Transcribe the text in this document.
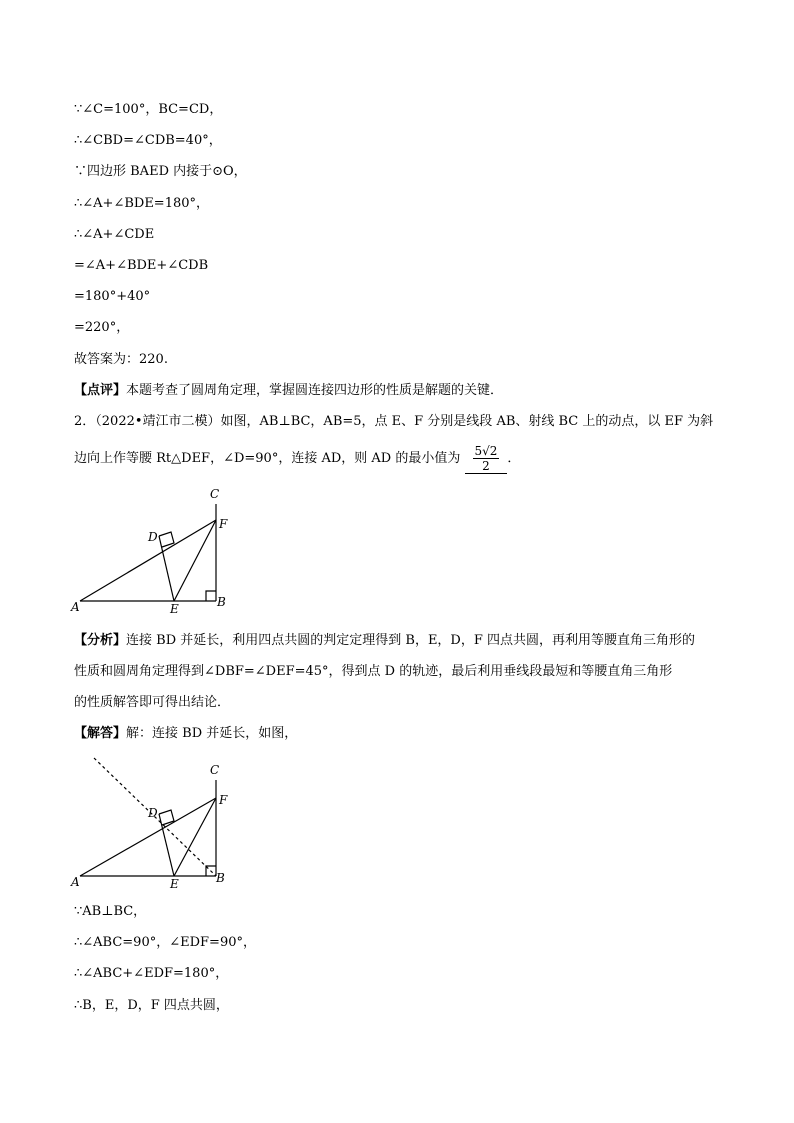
∵∠C=100°，BC=CD，
∴∠CBD=∠CDB=40°，
∵四边形 BAED 内接于⊙O，
∴∠A+∠BDE=180°，
∴∠A+∠CDE
=∠A+∠BDE+∠CDB
=180°+40°
=220°，
故答案为：220.
【点评】本题考查了圆周角定理，掌握圆连接四边形的性质是解题的关键．
2．（2022•靖江市二模）如图，AB⊥BC，AB=5，点 E、F 分别是线段 AB、射线 BC 上的动点，以 EF 为斜
边向上作等腰 Rt△DEF，∠D=90°，连接 AD，则 AD 的最小值为 $\frac{5√2}{2}$ ．
A	B
C
D
E
F
【分析】连接 BD 并延长，利用四点共圆的判定定理得到 B，E，D，F 四点共圆，再利用等腰直角三角形的
性质和圆周角定理得到∠DBF=∠DEF=45°，得到点 D 的轨迹，最后利用垂线段最短和等腰直角三角形
的性质解答即可得出结论．
【解答】解：连接 BD 并延长，如图，
A	B
C
D
E
F
∵AB⊥BC，
∴∠ABC=90°，∠EDF=90°，
∴∠ABC+∠EDF=180°，
∴B，E，D，F 四点共圆，
